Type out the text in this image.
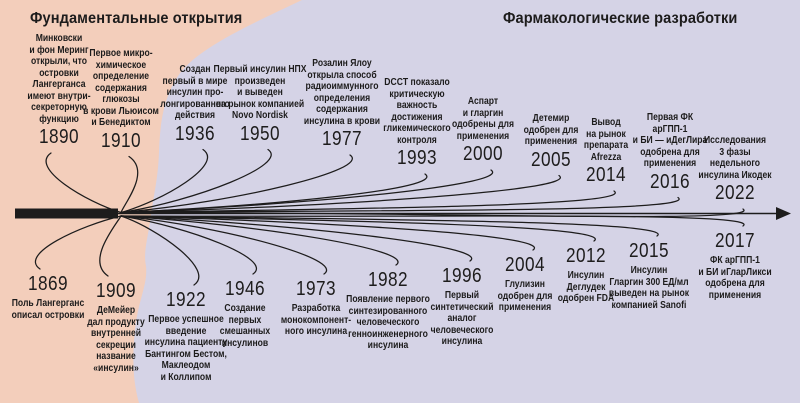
Фундаментальные открытия	Фармакологические разработки
Минковски
и фон Меринг
открыли, что
островки
Лангерганса
имеют внутри-
секреторную
функцию
1890
Первое микро-
химическое
определение
содержания
глюкозы
в крови Льюисом
и Бенедиктом
1910
Создан
первый в мире
инсулин про-
лонгированного
действия
1936
Первый инсулин НПХ
произведен
и выведен
на рынок компанией
Novo Nordisk
1950
Розалин Ялоу
открыла способ
радиоиммунного
определения
содержания
инсулина в крови
1977
DCCT показало
критическую
важность
достижения
гликемического
контроля
1993
Аспарт
и гларгин
одобрены для
применения
2000
Детемир
одобрен для
применения
2005
Вывод
на рынок
препарата
Afrezza
2014
Первая ФК
арГПП-1
и БИ — иДегЛира
одобрена для
применения
2016
Исследования
3 фазы
недельного
инсулина Икодек
2022
1869
Поль Лангерганс
описал островки
1909
ДеМейер
дал продукту
внутренней
секреции
название
«инсулин»
1922
Первое успешное
введение
инсулина пациенту
Бантингом Бестом,
Маклеодом
и Коллипом
1946
Создание
первых
смешанных
инсулинов
1973
Разработка
монокомпонент-
ного инсулина
1982
Появление первого
синтезированного
человеческого
генноинженерного
инсулина
1996
Первый
синтетический
аналог
человеческого
инсулина
2004
Глулизин
одобрен для
применения
2012
Инсулин
Деглудек
одобрен FDA
2015
Инсулин
Гларгин 300 ЕД/мл
выведен на рынок
компанией Sanofi
2017
ФК арГПП-1
и БИ иГларЛикси
одобрена для
применения
